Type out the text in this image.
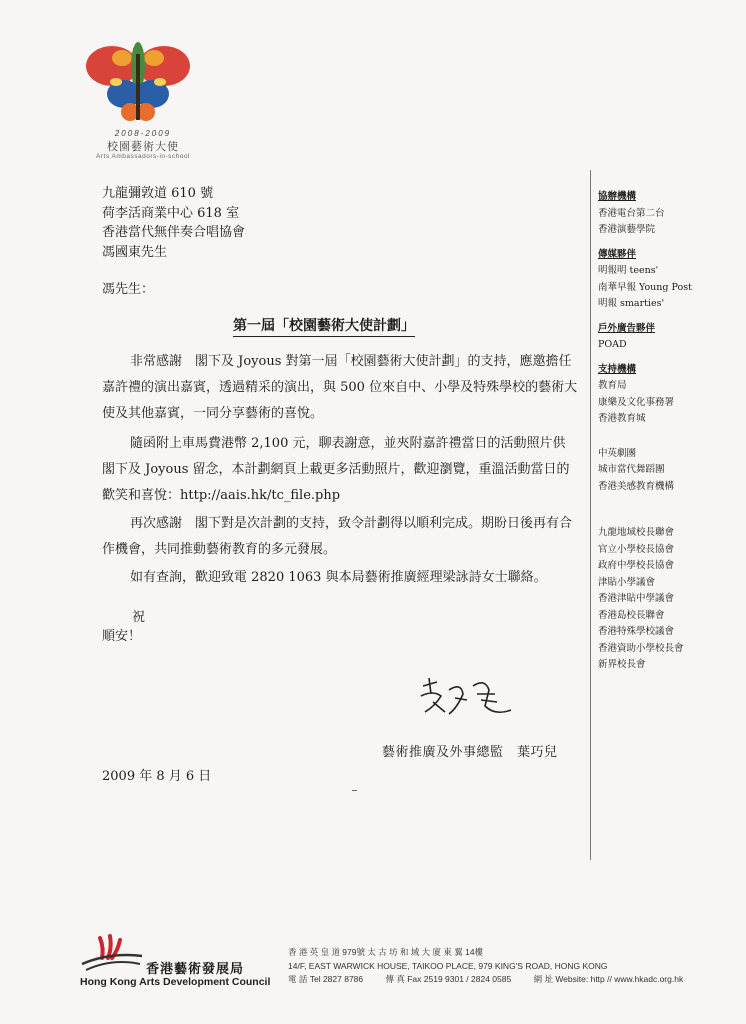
2008-2009
校園藝術大使
Arts Ambassadors-in-school
九龍彌敦道 610 號
荷李活商業中心 618 室
香港當代無伴奏合唱協會
馮國東先生
馮先生：
第一屆「校園藝術大使計劃」
非常感謝　閣下及 Joyous 對第一屆「校園藝術大使計劃」的支持，應邀擔任嘉許禮的演出嘉賓，透過精采的演出，與 500 位來自中、小學及特殊學校的藝術大使及其他嘉賓，一同分享藝術的喜悅。
隨函附上車馬費港幣 2,100 元，聊表謝意，並夾附嘉許禮當日的活動照片供　閣下及 Joyous 留念，本計劃網頁上載更多活動照片，歡迎瀏覽，重溫活動當日的歡笑和喜悅：http://aais.hk/tc_file.php
再次感謝　閣下對是次計劃的支持，致令計劃得以順利完成。期盼日後再有合作機會，共同推動藝術教育的多元發展。
如有查詢，歡迎致電 2820 1063 與本局藝術推廣經理梁詠詩女士聯絡。
祝
順安！
藝術推廣及外事總監　葉巧兒
2009 年 8 月 6 日
協辦機構
香港電台第二台
香港演藝學院
傳媒夥伴
明報明 teens'
南華早報 Young Post
明報 smarties'
戶外廣告夥伴
POAD
支持機構
教育局
康樂及文化事務署
香港教育城
中英劇團
城市當代舞蹈團
香港美感教育機構
九龍地域校長聯會
官立小學校長協會
政府中學校長協會
津貼小學議會
香港津貼中學議會
香港島校長聯會
香港特殊學校議會
香港資助小學校長會
新界校長會
香港藝術發展局
Hong Kong Arts Development Council
香 港 英 皇 道 979號 太 古 坊 和 域 大 廈 東 翼 14樓
14/F, EAST WARWICK HOUSE, TAIKOO PLACE, 979 KING'S ROAD, HONG KONG
電 話 Tel 2827 8786	傳 真 Fax 2519 9301 / 2824 0585	網 址 Website: http // www.hkadc.org.hk
